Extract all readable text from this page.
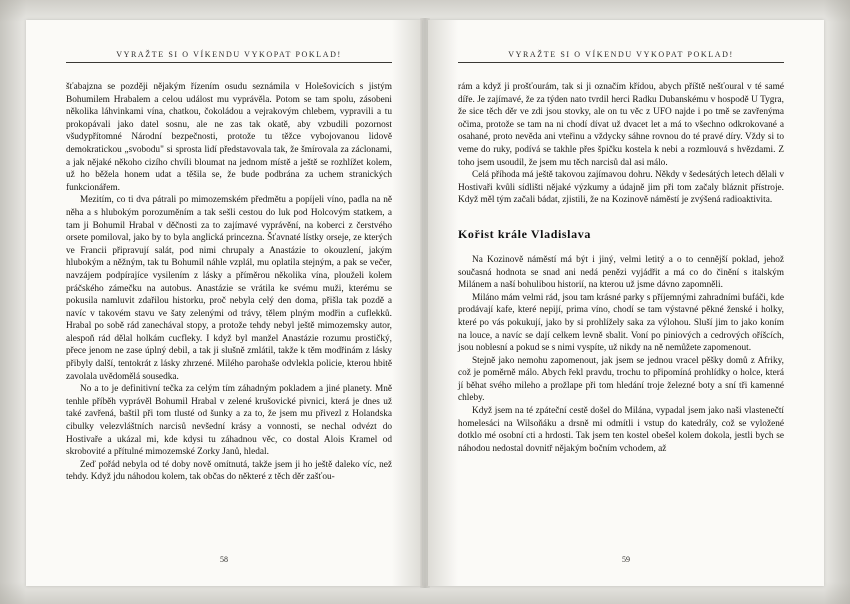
VYRAŽTE SI O VÍKENDU VYKOPAT POKLAD!

šťabajzna se později nějakým řízením osudu seznámila v Holešovicích s jistým Bohumilem Hrabalem a celou událost mu vyprávěla. Potom se tam spolu, zásobeni několika láhvinkami vína, chatkou, čokoládou a vejrakovým chlebem, vypravili a tu prokopávali jako datel sosnu, ale ne zas tak okatě, aby vzbudili pozornost všudypřítomné Národní bezpečnosti, protože tu těžce vybojovanou lidově demokratickou „svobodu" si sprosta lidí představovala tak, že šmírovala za záclonami, a jak nějaké někoho cizího chvíli bloumat na jednom místě a ještě se rozhlížet kolem, už ho běžela honem udat a těšila se, že bude podbrána za uchem stranických funkcionářem.

Mezitím, co ti dva pátrali po mimozemském předmětu a popíjeli víno, padla na ně něha a s hlubokým porozuměním a tak sešli cestou do luk pod Holcovým statkem, a tam ji Bohumil Hrabal v děčnosti za to zajímavé vyprávění, na koberci z čerstvého orsete pomiloval, jako by to byla anglická princezna. Šťavnaté lístky orseje, ze kterých ve Francii připravují salát, pod nimi chrupaly a Anastázie to okouzlení, jakým hlubokým a něžným, tak tu Bohumil náhle vzplál, mu oplatila stejným, a pak se večer, navzájem podpírajíce vysilením z lásky a příměrou několika vína, plouželi kolem práčského zámečku na autobus. Anastázie se vrátila ke svému muži, kterému se pokusila namluvit zdařilou historku, proč nebyla celý den doma, přišla tak pozdě a navíc v takovém stavu ve šaty zelenými od trávy, tělem plným modřin a cuflekků. Hrabal po sobě rád zanechával stopy, a protože tehdy nebyl ještě mimozemsky autor, alespoň rád dělal holkám cucfleky. I když byl manžel Anastázie rozumu prostičký, přece jenom ne zase úplný debil, a tak ji slušně zmlátil, takže k těm modřinám z lásky přibyly další, tentokrát z lásky zhrzené. Milého parohaše odvlekla policie, kterou hbitě zavolala uvědomělá sousedka.

No a to je definitivní tečka za celým tím záhadným pokladem a jiné planety. Mně tenhle příběh vyprávěl Bohumil Hrabal v zelené krušovické pivnici, která je dnes už také zavřená, baštil při tom tlusté od šunky a za to, že jsem mu přivezl z Holandska cibulky velezvláštních narcisů nevšední krásy a vonnosti, se nechal odvézt do Hostivaře a ukázal mi, kde kdysi tu záhadnou věc, co dostal Alois Kramel od skrobovité a přítulné mimozemské Zorky Janů, hledal.

Zeď pořád nebyla od té doby nově omítnutá, takže jsem ji ho ještě daleko víc, než tehdy. Když jdu náhodou kolem, tak občas do některé z těch děr zašťou-

58
VYRAŽTE SI O VÍKENDU VYKOPAT POKLAD!

rám a když ji prošťourám, tak si ji označím křídou, abych příště nešťoural v té samé díře. Je zajímavé, že za týden nato tvrdil herci Radku Dubanskému v hospodě U Tygra, že sice těch děr ve zdi jsou stovky, ale on tu věc z UFO najde i po tmě se zavřenýma očima, protože se tam na ni chodí dívat už dvacet let a má to všechno odkrokované a osahané, proto nevěda ani vteřinu a vždycky sáhne rovnou do té pravé díry. Vždy si to veme do ruky, podívá se takhle přes špičku kostela k nebi a rozmlouvá s hvězdami. Z toho jsem usoudil, že jsem mu těch narcisů dal asi málo.

Celá příhoda má ještě takovou zajímavou dohru. Někdy v šedesátých letech dělali v Hostivaři kvůli sídlišti nějaké výzkumy a údajně jim při tom začaly bláznit přístroje. Když měl tým začali bádat, zjistili, že na Kozinově náměstí je zvýšená radioaktivita.

Kořist krále Vladislava

Na Kozinově náměstí má být i jiný, velmi letitý a o to cennější poklad, jehož současná hodnota se snad ani nedá penězi vyjádřit a má co do činění s italským Milánem a naší bohulibou historií, na kterou už jsme dávno zapomněli.

Miláno mám velmi rád, jsou tam krásné parky s příjemnými zahradními bufáči, kde prodávají kafe, které nepijí, prima víno, chodí se tam výstavné pěkné ženské i holky, které po vás pokukují, jako by si prohlížely saka za výlohou. Sluší jim to jako koním na louce, a navíc se dají celkem levně sbalit. Voní po piniových a cedrových oříšcích, jsou noblesní a pokud se s nimi vyspíte, už nikdy na ně nemůžete zapomenout.

Stejně jako nemohu zapomenout, jak jsem se jednou vracel pěšky domů z Afriky, což je poměrně málo. Abych řekl pravdu, trochu to připomíná prohlídky o holce, která jí běhat svého mileho a prožlape při tom hledání troje železné boty a sní tři kamenné chleby.

Když jsem na té zpáteční cestě došel do Milána, vypadal jsem jako naši vlastenečtí homelesáci na Wilsoňáku a drsně mi odmítli i vstup do katedrály, což se vyložené dotklo mé osobní cti a hrdosti. Tak jsem ten kostel obešel kolem dokola, jestli bych se náhodou nedostal dovnitř nějakým bočním vchodem, až

59
